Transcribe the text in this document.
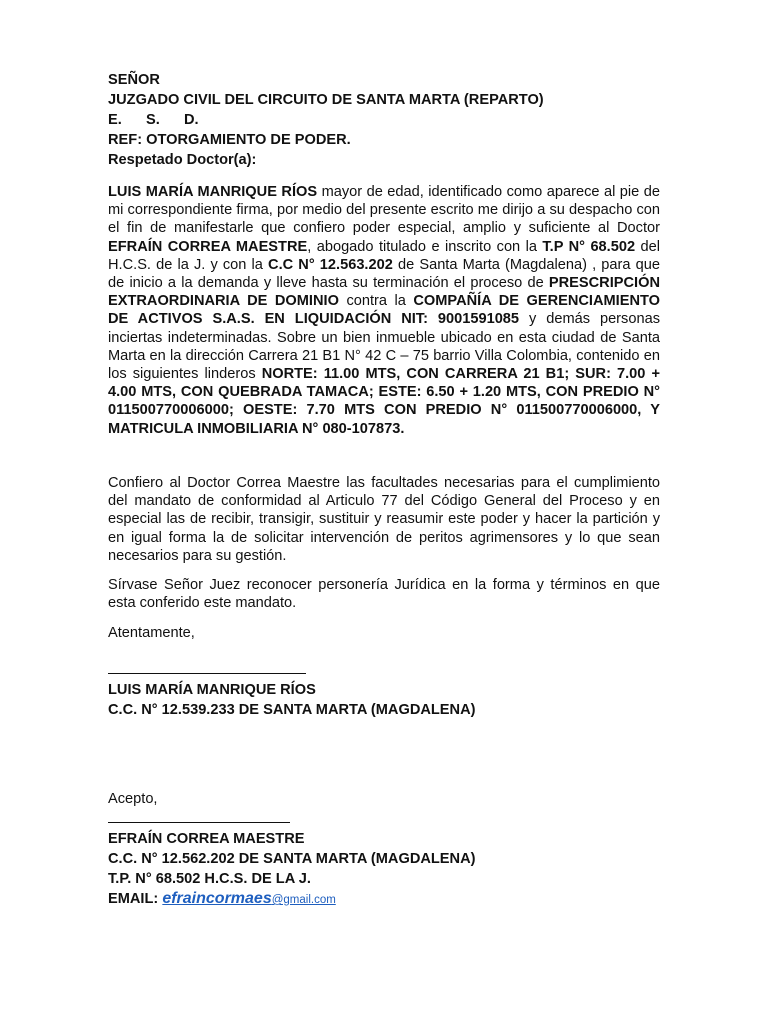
SEÑOR
JUZGADO CIVIL DEL CIRCUITO DE SANTA MARTA (REPARTO)
E. S. D.
REF: OTORGAMIENTO DE PODER.
Respetado Doctor(a):
LUIS MARÍA MANRIQUE RÍOS mayor de edad, identificado como aparece al pie de mi correspondiente firma, por medio del presente escrito me dirijo a su despacho con el fin de manifestarle que confiero poder especial, amplio y suficiente al Doctor EFRAÍN CORREA MAESTRE, abogado titulado e inscrito con la T.P N° 68.502 del H.C.S. de la J. y con la C.C N° 12.563.202 de Santa Marta (Magdalena) , para que de inicio a la demanda y lleve hasta su terminación el proceso de PRESCRIPCIÓN EXTRAORDINARIA DE DOMINIO contra la COMPAÑÍA DE GERENCIAMIENTO DE ACTIVOS S.A.S. EN LIQUIDACIÓN NIT: 9001591085 y demás personas inciertas indeterminadas. Sobre un bien inmueble ubicado en esta ciudad de Santa Marta en la dirección Carrera 21 B1 N° 42 C – 75 barrio Villa Colombia, contenido en los siguientes linderos NORTE: 11.00 MTS, CON CARRERA 21 B1; SUR: 7.00 + 4.00 MTS, CON QUEBRADA TAMACA; ESTE: 6.50 + 1.20 MTS, CON PREDIO N° 011500770006000; OESTE: 7.70 MTS CON PREDIO N° 011500770006000, Y MATRICULA INMOBILIARIA N° 080-107873.
Confiero al Doctor Correa Maestre las facultades necesarias para el cumplimiento del mandato de conformidad al Articulo 77 del Código General del Proceso y en especial las de recibir, transigir, sustituir y reasumir este poder y hacer la partición y en igual forma la de solicitar intervención de peritos agrimensores y lo que sean necesarios para su gestión.
Sírvase Señor Juez reconocer personería Jurídica en la forma y términos en que esta conferido este mandato.
Atentamente,
LUIS MARÍA MANRIQUE RÍOS
C.C. N° 12.539.233 DE SANTA MARTA (MAGDALENA)
Acepto,
EFRAÍN CORREA MAESTRE
C.C. N° 12.562.202 DE SANTA MARTA (MAGDALENA)
T.P. N° 68.502 H.C.S. DE LA J.
EMAIL: efraincormaes@gmail.com
